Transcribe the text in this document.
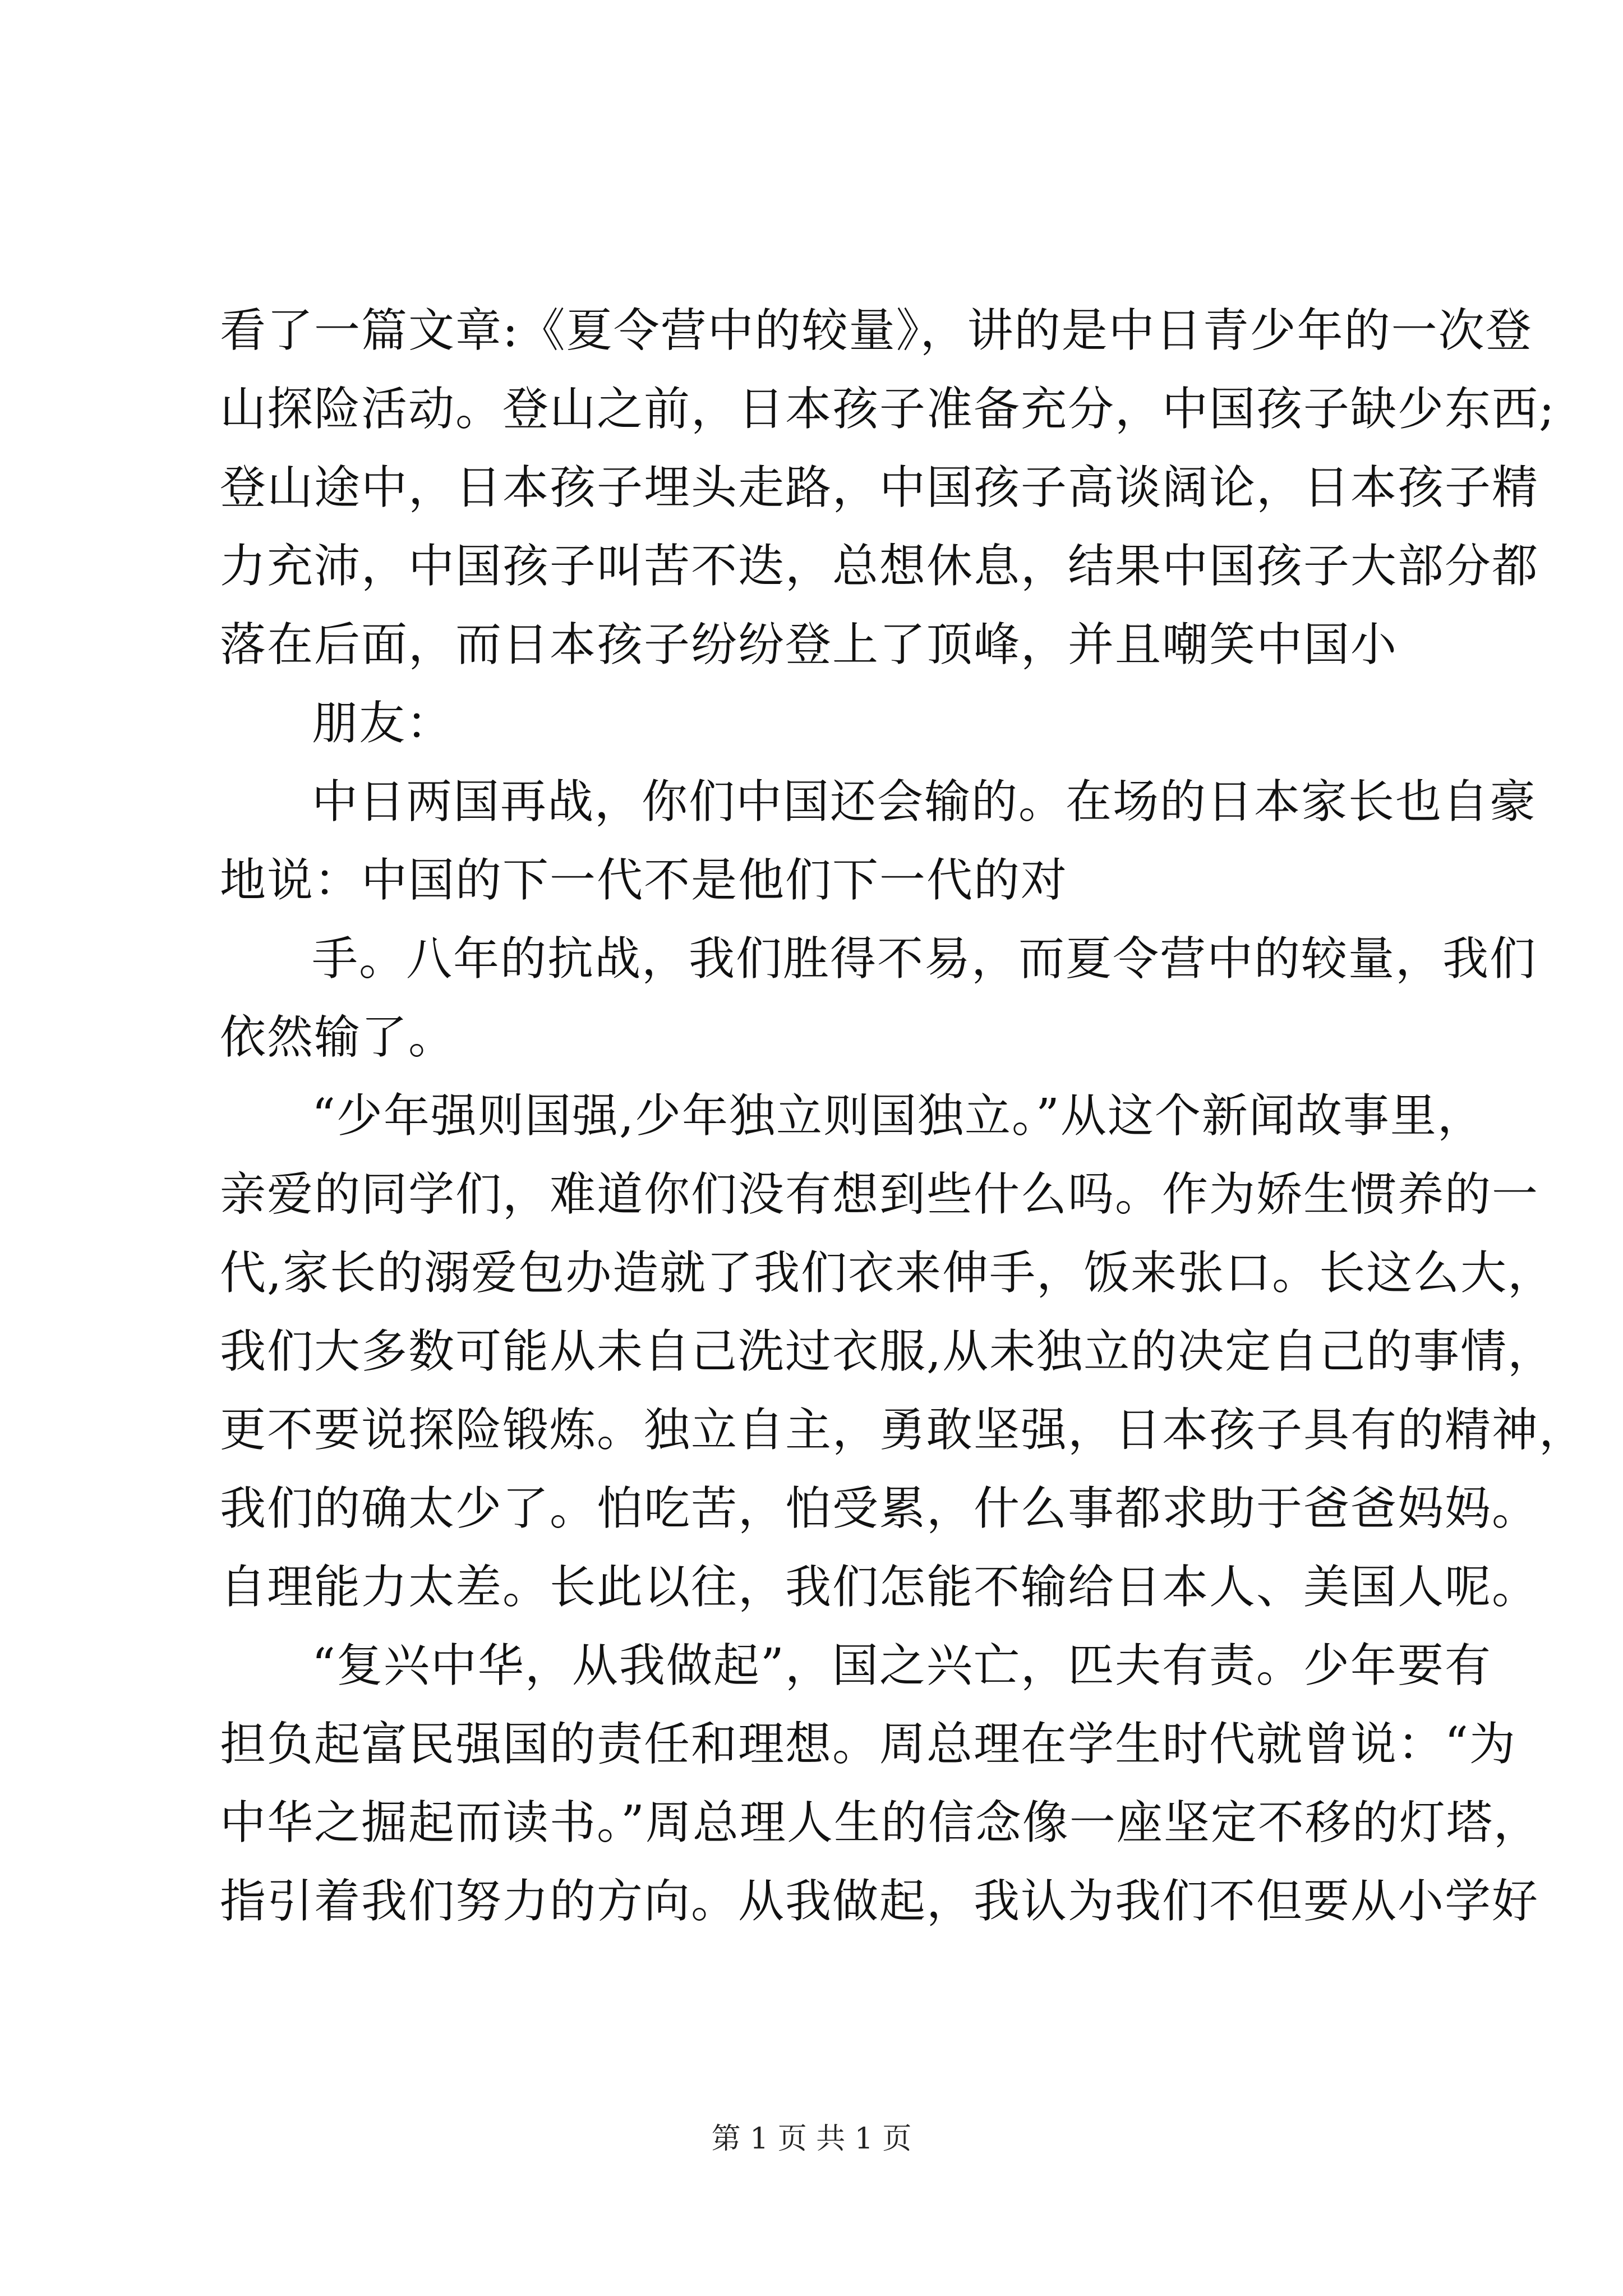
看了一篇文章:《夏令营中的较量》，讲的是中日青少年的一次登
山探险活动。登山之前，日本孩子准备充分，中国孩子缺少东西;
登山途中，日本孩子埋头走路，中国孩子高谈阔论，日本孩子精
力充沛，中国孩子叫苦不迭，总想休息，结果中国孩子大部分都
落在后面，而日本孩子纷纷登上了顶峰，并且嘲笑中国小
朋友：
中日两国再战，你们中国还会输的。在场的日本家长也自豪
地说：中国的下一代不是他们下一代的对
手。八年的抗战，我们胜得不易，而夏令营中的较量，我们
依然输了。
“少年强则国强,少年独立则国独立。”从这个新闻故事里，
亲爱的同学们，难道你们没有想到些什么吗。作为娇生惯养的一
代,家长的溺爱包办造就了我们衣来伸手，饭来张口。长这么大，
我们大多数可能从未自己洗过衣服,从未独立的决定自己的事情，
更不要说探险锻炼。独立自主，勇敢坚强，日本孩子具有的精神，
我们的确太少了。怕吃苦，怕受累，什么事都求助于爸爸妈妈。
自理能力太差。长此以往，我们怎能不输给日本人、美国人呢。
“复兴中华，从我做起”，国之兴亡，匹夫有责。少年要有
担负起富民强国的责任和理想。周总理在学生时代就曾说：“为
中华之掘起而读书。”周总理人生的信念像一座坚定不移的灯塔，
指引着我们努力的方向。从我做起，我认为我们不但要从小学好
第 1 页 共 1 页
